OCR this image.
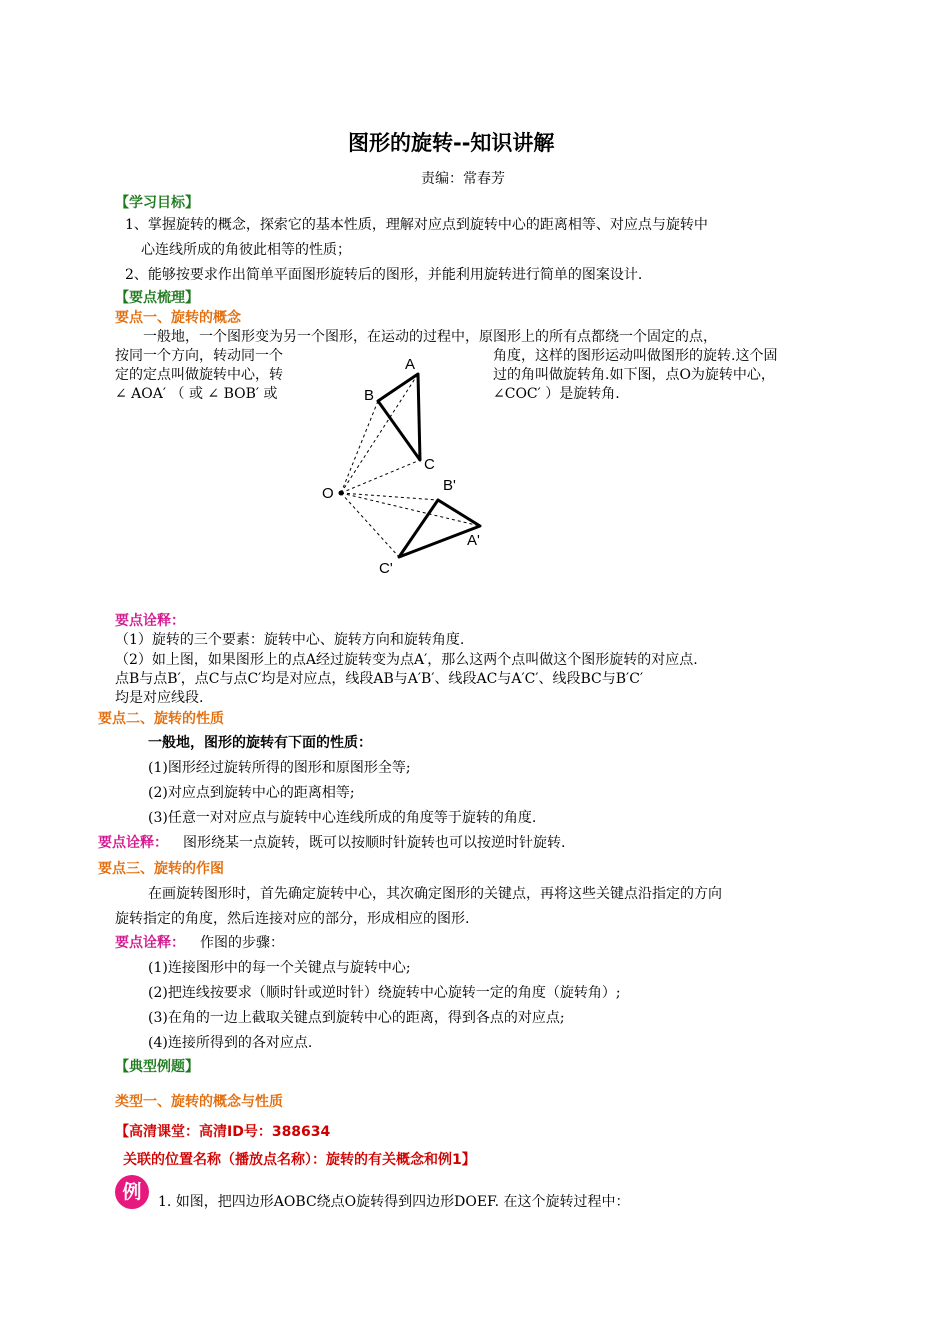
图形的旋转--知识讲解
责编：常春芳
【学习目标】
1、掌握旋转的概念，探索它的基本性质，理解对应点到旋转中心的距离相等、对应点与旋转中
心连线所成的角彼此相等的性质；
2、能够按要求作出简单平面图形旋转后的图形，并能利用旋转进行简单的图案设计.
【要点梳理】
要点一、旋转的概念
一般地，一个图形变为另一个图形，在运动的过程中，原图形上的所有点都绕一个固定的点，
按同一个方向，转动同一个
定的定点叫做旋转中心，转
∠ AOA′ （ 或 ∠ BOB′ 或
角度，这样的图形运动叫做图形的旋转.这个固
过的角叫做旋转角.如下图，点O为旋转中心，
∠COC′ ）是旋转角.
A
B
C
O	B'
A'
C'
要点诠释：
（1）旋转的三个要素：旋转中心、旋转方向和旋转角度.
（2）如上图，如果图形上的点A经过旋转变为点A′，那么这两个点叫做这个图形旋转的对应点.
点B与点B′，点C与点C′均是对应点，线段AB与A′B′、线段AC与A′C′、线段BC与B′C′
均是对应线段.
要点二、旋转的性质
一般地，图形的旋转有下面的性质：
(1)图形经过旋转所得的图形和原图形全等;
(2)对应点到旋转中心的距离相等;
(3)任意一对对应点与旋转中心连线所成的角度等于旋转的角度.
要点诠释： 图形绕某一点旋转，既可以按顺时针旋转也可以按逆时针旋转.
要点三、旋转的作图
在画旋转图形时，首先确定旋转中心，其次确定图形的关键点，再将这些关键点沿指定的方向
旋转指定的角度，然后连接对应的部分，形成相应的图形.
要点诠释： 作图的步骤：
(1)连接图形中的每一个关键点与旋转中心;
(2)把连线按要求（顺时针或逆时针）绕旋转中心旋转一定的角度（旋转角）;
(3)在角的一边上截取关键点到旋转中心的距离，得到各点的对应点;
(4)连接所得到的各对应点.
【典型例题】
类型一、旋转的概念与性质
【高清课堂：高清ID号：388634
关联的位置名称（播放点名称）：旋转的有关概念和例1】
例	1. 如图，把四边形AOBC绕点O旋转得到四边形DOEF. 在这个旋转过程中：
